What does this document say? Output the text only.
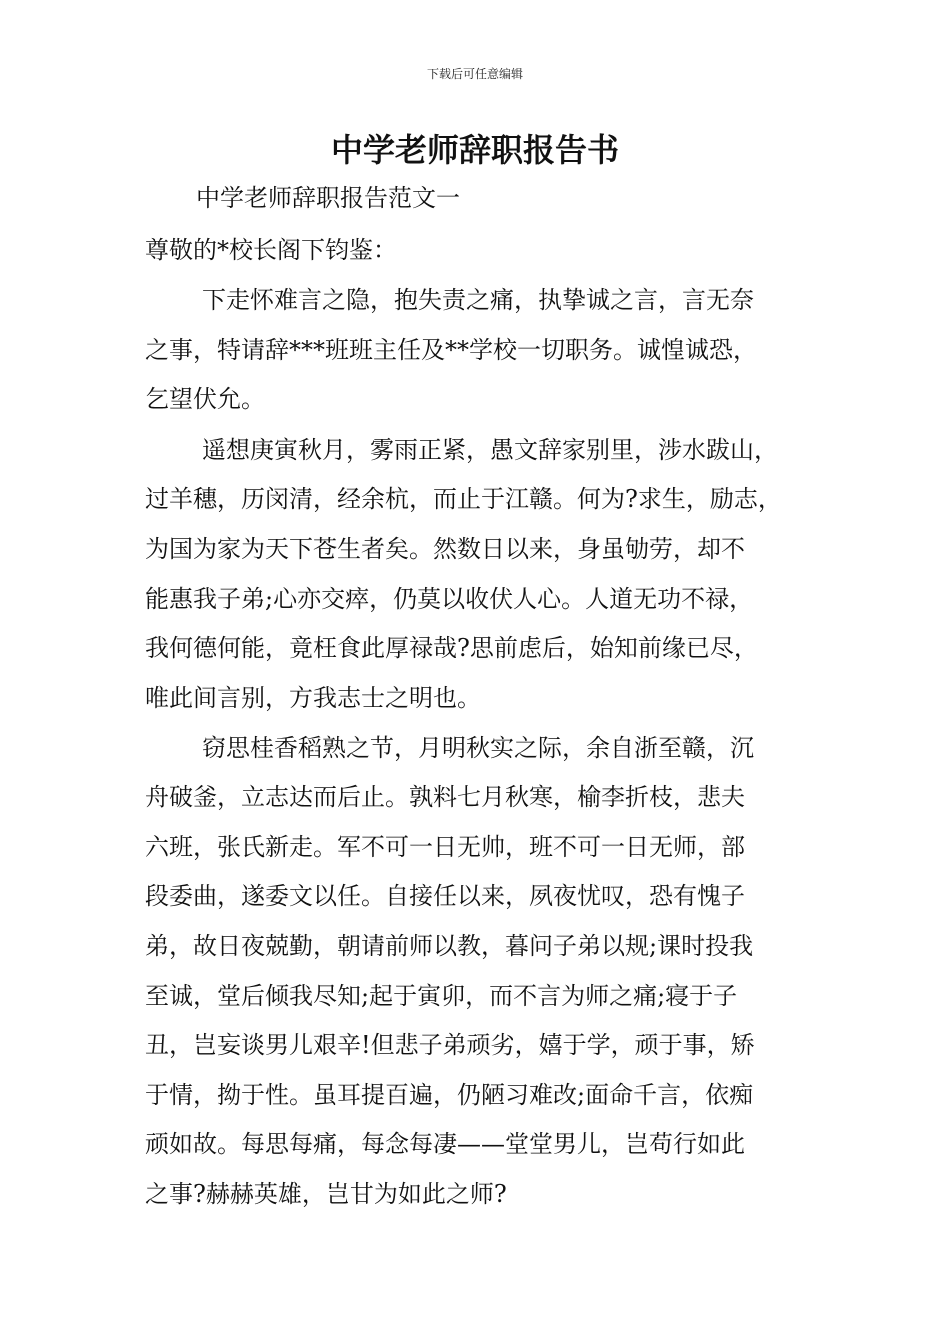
下载后可任意编辑
中学老师辞职报告书
中学老师辞职报告范文一
尊敬的*校长阁下钧鉴：
下走怀难言之隐，抱失责之痛，执挚诚之言，言无奈
之事，特请辞***班班主任及**学校一切职务。诚惶诚恐，
乞望伏允。
遥想庚寅秋月，雾雨正紧，愚文辞家别里，涉水跋山，
过羊穗，历闵清，经余杭，而止于江赣。何为?求生，励志，
为国为家为天下苍生者矣。然数日以来，身虽劬劳，却不
能惠我子弟;心亦交瘁，仍莫以收伏人心。人道无功不禄，
我何德何能，竟枉食此厚禄哉?思前虑后，始知前缘已尽，
唯此间言别，方我志士之明也。
窃思桂香稻熟之节，月明秋实之际，余自浙至赣，沉
舟破釜，立志达而后止。孰料七月秋寒，榆李折枝，悲夫
六班，张氏新走。军不可一日无帅，班不可一日无师，部
段委曲，遂委文以任。自接任以来，夙夜忧叹，恐有愧子
弟，故日夜兢勤，朝请前师以教，暮问子弟以规;课时投我
至诚，堂后倾我尽知;起于寅卯，而不言为师之痛;寝于子
丑，岂妄谈男儿艰辛!但悲子弟顽劣，嬉于学，顽于事，矫
于情，拗于性。虽耳提百遍，仍陋习难改;面命千言，依痴
顽如故。每思每痛，每念每凄——堂堂男儿，岂苟行如此
之事?赫赫英雄，岂甘为如此之师?
